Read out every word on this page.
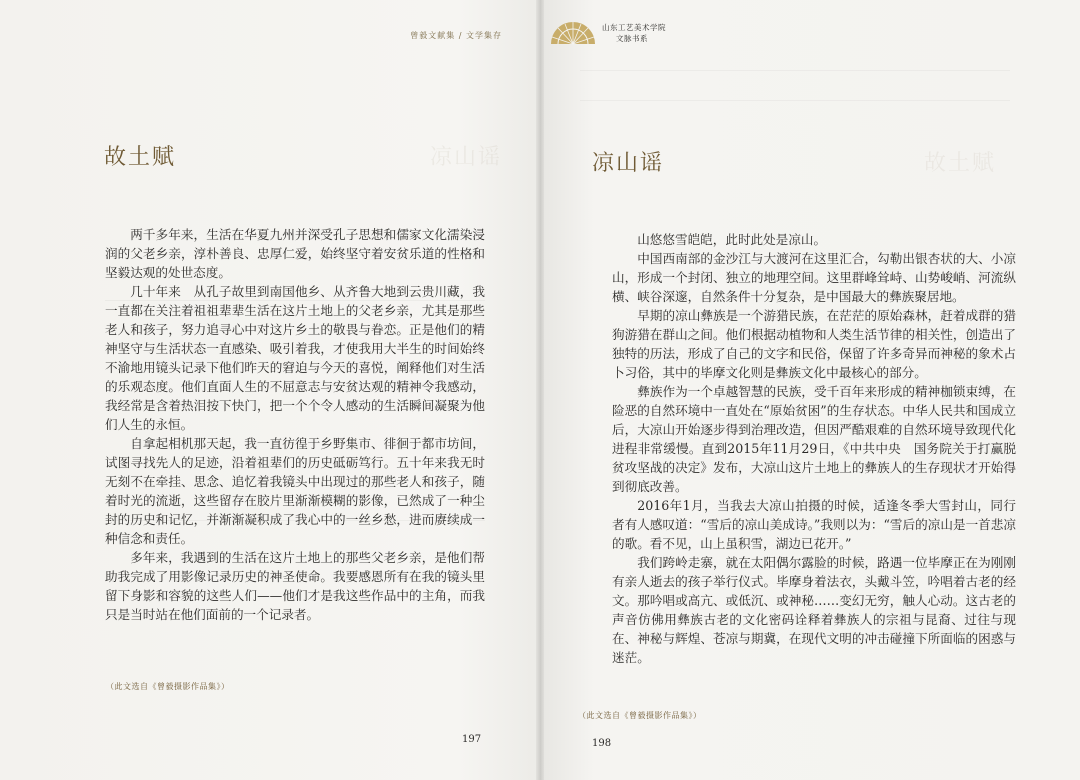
曾毅文献集 / 文学集存
凉山谣
故土赋

两千多年来，生活在华夏九州并深受孔子思想和儒家文化濡染浸润的父老乡亲，淳朴善良、忠厚仁爱，始终坚守着安贫乐道的性格和坚毅达观的处世态度。

几十年来　从孔子故里到南国他乡、从齐鲁大地到云贵川藏，我一直都在关注着祖祖辈辈生活在这片土地上的父老乡亲，尤其是那些老人和孩子，努力追寻心中对这片乡土的敬畏与眷恋。正是他们的精神坚守与生活状态一直感染、吸引着我，才使我用大半生的时间始终不渝地用镜头记录下他们昨天的窘迫与今天的喜悦，阐释他们对生活的乐观态度。他们直面人生的不屈意志与安贫达观的精神令我感动，我经常是含着热泪按下快门，把一个个令人感动的生活瞬间凝聚为他们人生的永恒。

自拿起相机那天起，我一直彷徨于乡野集市、徘徊于都市坊间，试图寻找先人的足迹，沿着祖辈们的历史砥砺笃行。五十年来我无时无刻不在牵挂、思念、追忆着我镜头中出现过的那些老人和孩子，随着时光的流逝，这些留存在胶片里渐渐模糊的影像，已然成了一种尘封的历史和记忆，并渐渐凝积成了我心中的一丝乡愁，进而赓续成一种信念和责任。

多年来，我遇到的生活在这片土地上的那些父老乡亲，是他们帮助我完成了用影像记录历史的神圣使命。我要感恩所有在我的镜头里留下身影和容貌的这些人们——他们才是我这些作品中的主角，而我只是当时站在他们面前的一个记录者。

（此文选自《曾毅摄影作品集》）
197
山东工艺美术学院
文脉书系
故土赋
凉山谣

山悠悠雪皑皑，此时此处是凉山。

中国西南部的金沙江与大渡河在这里汇合，勾勒出银杏状的大、小凉山，形成一个封闭、独立的地理空间。这里群峰耸峙、山势峻峭、河流纵横、峡谷深邃，自然条件十分复杂，是中国最大的彝族聚居地。

早期的凉山彝族是一个游猎民族，在茫茫的原始森林，赶着成群的猎狗游猎在群山之间。他们根据动植物和人类生活节律的相关性，创造出了独特的历法，形成了自己的文字和民俗，保留了许多奇异而神秘的象术占卜习俗，其中的毕摩文化则是彝族文化中最核心的部分。

彝族作为一个卓越智慧的民族，受千百年来形成的精神枷锁束缚，在险恶的自然环境中一直处在“原始贫困”的生存状态。中华人民共和国成立后，大凉山开始逐步得到治理改造，但因严酷艰难的自然环境导致现代化进程非常缓慢。直到2015年11月29日，《中共中央　国务院关于打赢脱贫攻坚战的决定》发布，大凉山这片土地上的彝族人的生存现状才开始得到彻底改善。

2016年1月，当我去大凉山拍摄的时候，适逢冬季大雪封山，同行者有人感叹道：“雪后的凉山美成诗。”我则以为：“雪后的凉山是一首悲凉的歌。看不见，山上虽积雪，湖边已花开。”

我们跨岭走寨，就在太阳偶尔露脸的时候，路遇一位毕摩正在为刚刚有亲人逝去的孩子举行仪式。毕摩身着法衣，头戴斗笠，吟唱着古老的经文。那吟唱或高亢、或低沉、或神秘……变幻无穷，触人心动。这古老的声音仿佛用彝族古老的文化密码诠释着彝族人的宗祖与昆裔、过往与现在、神秘与辉煌、苍凉与期冀，在现代文明的冲击碰撞下所面临的困惑与迷茫。

（此文选自《曾毅摄影作品集》）
198
